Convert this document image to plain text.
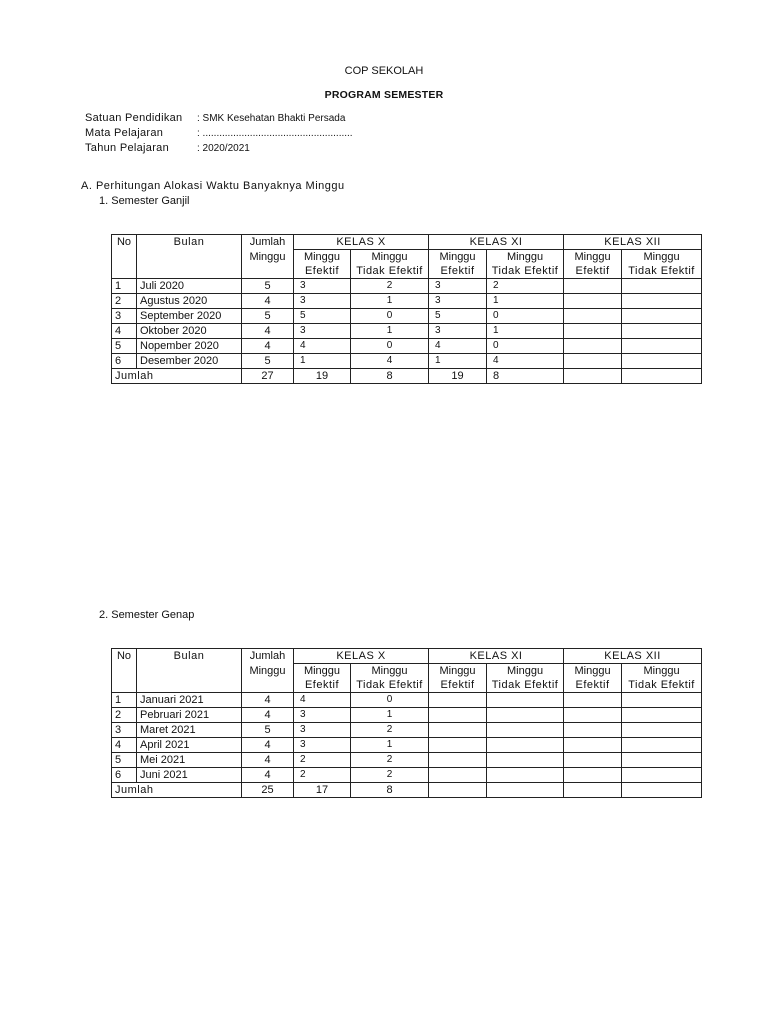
COP SEKOLAH
PROGRAM SEMESTER
Satuan Pendidikan : SMK Kesehatan Bhakti Persada
Mata Pelajaran	: ......................................................
Tahun Pelajaran	: 2020/2021
A. Perhitungan Alokasi Waktu Banyaknya Minggu
1. Semester Ganjil
No	Bulan	Jumlah	KELAS X		KELAS XI		KELAS XII	
		Minggu	Minggu	Minggu	Minggu	Minggu	Minggu	Minggu
			Efektif	Tidak Efektif	Efektif	Tidak Efektif	Efektif	Tidak Efektif
1	Juli 2020	5	3	2	3	2		
2	Agustus 2020	4	3	1	3	1		
3	September 2020	5	5	0	5	0		
4	Oktober 2020	4	3	1	3	1		
5	Nopember 2020	4	4	0	4	0		
6	Desember 2020	5	1	4	1	4		
Jumlah		27	19	8	19	8		
2. Semester Genap
No	Bulan	Jumlah	KELAS X		KELAS XI		KELAS XII	
		Minggu	Minggu	Minggu	Minggu	Minggu	Minggu	Minggu
			Efektif	Tidak Efektif	Efektif	Tidak Efektif	Efektif	Tidak Efektif
1	Januari 2021	4	4	0				
2	Pebruari 2021	4	3	1				
3	Maret 2021	5	3	2				
4	April 2021	4	3	1				
5	Mei 2021	4	2	2				
6	Juni 2021	4	2	2				
Jumlah		25	17	8				
